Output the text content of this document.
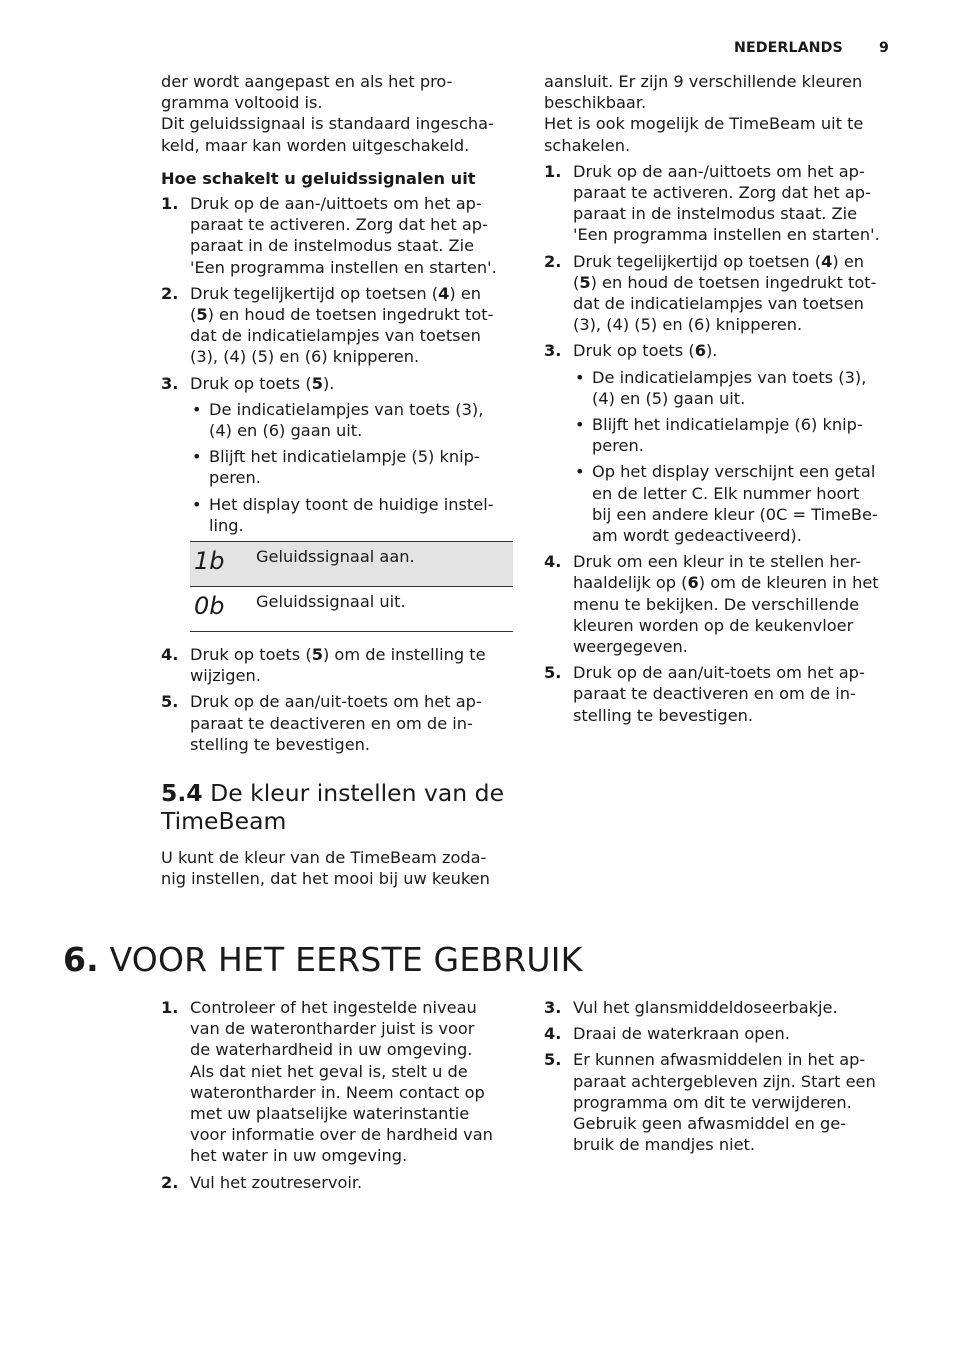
NEDERLANDS	9

der wordt aangepast en als het pro-
gramma voltooid is.
Dit geluidssignaal is standaard ingescha-
keld, maar kan worden uitgeschakeld.

Hoe schakelt u geluidssignalen uit

1. Druk op de aan-/uittoets om het ap-
paraat te activeren. Zorg dat het ap-
paraat in de instelmodus staat. Zie
'Een programma instellen en starten'.
2. Druk tegelijkertijd op toetsen (4) en
(5) en houd de toetsen ingedrukt tot-
dat de indicatielampjes van toetsen
(3), (4) (5) en (6) knipperen.
3. Druk op toets (5).
• De indicatielampjes van toets (3),
(4) en (6) gaan uit.
• Blijft het indicatielampje (5) knip-
peren.
• Het display toont de huidige instel-
ling.
1b	Geluidssignaal aan.
0b	Geluidssignaal uit.
4. Druk op toets (5) om de instelling te
wijzigen.
5. Druk op de aan/uit-toets om het ap-
paraat te deactiveren en om de in-
stelling te bevestigen.
5.4 De kleur instellen van de
TimeBeam

U kunt de kleur van de TimeBeam zoda-
nig instellen, dat het mooi bij uw keuken

aansluit. Er zijn 9 verschillende kleuren
beschikbaar.
Het is ook mogelijk de TimeBeam uit te
schakelen.

1. Druk op de aan-/uittoets om het ap-
paraat te activeren. Zorg dat het ap-
paraat in de instelmodus staat. Zie
'Een programma instellen en starten'.
2. Druk tegelijkertijd op toetsen (4) en
(5) en houd de toetsen ingedrukt tot-
dat de indicatielampjes van toetsen
(3), (4) (5) en (6) knipperen.
3. Druk op toets (6).
• De indicatielampjes van toets (3),
(4) en (5) gaan uit.
• Blijft het indicatielampje (6) knip-
peren.
• Op het display verschijnt een getal
en de letter C. Elk nummer hoort
bij een andere kleur (0C = TimeBe-
am wordt gedeactiveerd).
4. Druk om een kleur in te stellen her-
haaldelijk op (6) om de kleuren in het
menu te bekijken. De verschillende
kleuren worden op de keukenvloer
weergegeven.
5. Druk op de aan/uit-toets om het ap-
paraat te deactiveren en om de in-
stelling te bevestigen.
6. VOOR HET EERSTE GEBRUIK
1. Controleer of het ingestelde niveau
van de waterontharder juist is voor
de waterhardheid in uw omgeving.
Als dat niet het geval is, stelt u de
waterontharder in. Neem contact op
met uw plaatselijke waterinstantie
voor informatie over de hardheid van
het water in uw omgeving.
2. Vul het zoutreservoir.
3. Vul het glansmiddeldoseerbakje.
4. Draai de waterkraan open.
5. Er kunnen afwasmiddelen in het ap-
paraat achtergebleven zijn. Start een
programma om dit te verwijderen.
Gebruik geen afwasmiddel en ge-
bruik de mandjes niet.
